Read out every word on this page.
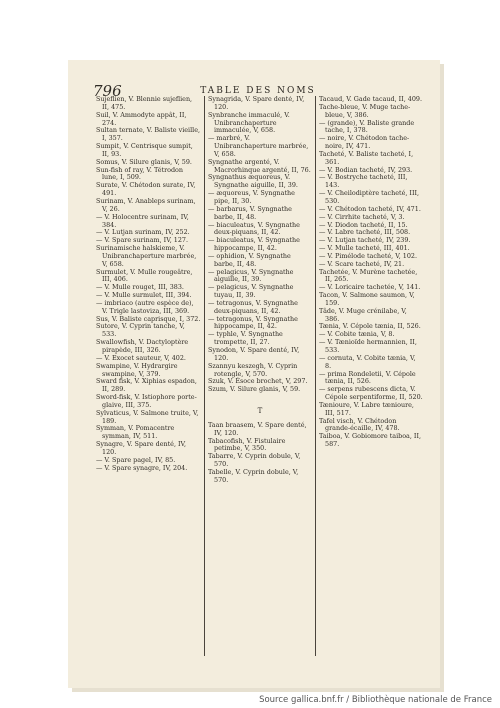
796	TABLE DES NOMS

Sujeflien, V. Blennie sujeflien, II, 475.

Suil, V. Ammodyte appât, II, 274.

Sultan ternate, V. Baliste vieille, I, 357.

Sumpit, V. Centrisque sumpit, II, 93.

Somus, V. Silure glanis, V, 59.

Sun-fish of ray, V. Tétrodon lune, I, 509.

Surate, V. Chétodon surate, IV, 491.

Surinam, V. Anableps surinam, V, 26.

— V. Holocentre surinam, IV, 384.

— V. Lutjan surinam, IV, 252.

— V. Spare surinam, IV, 127.

Surinamische halskieme, V. Unibranchaperture marbrée, V, 658.

Surmulet, V. Mulle rougeâtre, III, 406.

— V. Mulle rouget, III, 383.

— V. Mulle surmulet, III, 394.

— imbriaco (autre espèce de), V. Trigle lastoviza, III, 369.

Sus, V. Baliste caprisque, I, 372.

Sutore, V. Cyprin tanche, V, 533.

Swallowfish, V. Dactyloptère pirapède, III, 326.

— V. Exocet sauteur, V, 402.

Swampine, V. Hydrargire swampine, V, 379.

Sward fisk, V. Xiphias espadon, II, 289.

Sword-fisk, V. Istiophore porte-glaive, III, 375.

Sylvaticus, V. Salmone truite, V, 189.

Symman, V. Pomacentre symman, IV, 511.

Synagre, V. Spare denté, IV, 120.

— V. Spare pagel, IV, 85.

— V. Spare synagre, IV, 204.

Synagrida, V. Spare denté, IV, 120.

Synbranche immaculé, V. Unibranchaperture immaculée, V, 658.

— marbré, V. Unibranchaperture marbrée, V, 658.

Syngnathe argenté, V. Macrorhinque argenté, II, 76.

Syngnathus æquoreus, V. Syngnathe aiguille, II, 39.

— æquoreus, V. Syngnathe pipe, II, 30.

— barbarus, V. Syngnathe barbe, II, 48.

— biaculeatus, V. Syngnathe deux-piquans, II, 42.

— biaculeatus, V. Syngnathe hippocampe, II, 42.

— ophidion, V. Syngnathe barbe, II, 48.

— pelagicus, V. Syngnathe aiguille, II, 39.

— pelagicus, V. Syngnathe tuyau, II, 39.

— tetragonus, V. Syngnathe deux-piquans, II, 42.

— tetragonus, V. Syngnathe hippocampe, II, 42.

— typhle, V. Syngnathe trompette, II, 27.

Synodon, V. Spare denté, IV, 120.

Szannyu keszegh, V. Cyprin rotengle, V, 570.

Szuk, V. Ésoce brochet, V, 297.

Szum, V. Silure glanis, V, 59.

T

Taan braasem, V. Spare denté, IV, 120.

Tabacofish, V. Fistulaire petimbe, V, 350.

Tabarre, V. Cyprin dobule, V, 570.

Tabelle, V. Cyprin dobule, V, 570.

Tacaud, V. Gade tacaud, II, 409.

Tache-bleue, V. Muge tache-bleue, V, 386.

— (grande), V. Baliste grande tache, I, 378.

— noire, V. Chétodon tache-noire, IV, 471.

Tacheté, V. Baliste tacheté, I, 361.

— V. Bodian tacheté, IV, 293.

— V. Bostryche tacheté, III, 143.

— V. Cheilodiptère tacheté, III, 530.

— V. Chétodon tacheté, IV, 471.

— V. Cirrhite tacheté, V, 3.

— V. Diodon tacheté, II, 15.

— V. Labre tacheté, III, 508.

— V. Lutjan tacheté, IV, 239.

— V. Mulle tacheté, III, 401.

— V. Pimélode tacheté, V, 102.

— V. Scare tacheté, IV, 21.

Tachetée, V. Murène tachetée, II, 265.

— V. Loricaire tachetée, V, 141.

Tacon, V. Salmone saumon, V, 159.

Tâde, V. Muge crénilabe, V, 386.

Tænia, V. Cépole tænia, II, 526.

— V. Cobite tænia, V, 8.

— V. Tænioïde hermannien, II, 533.

— cornuta, V. Cobite tænia, V, 8.

— prima Rondeletii, V. Cépole tænia, II, 526.

— serpens rubescens dicta, V. Cépole serpentiforme, II, 520.

Tænioure, V. Labre tænioure, III, 517.

Tafel visch, V. Chétodon grande-écaille, IV, 478.

Taiboa, V. Gobiomore taiboa, II, 587.

Source gallica.bnf.fr / Bibliothèque nationale de France
